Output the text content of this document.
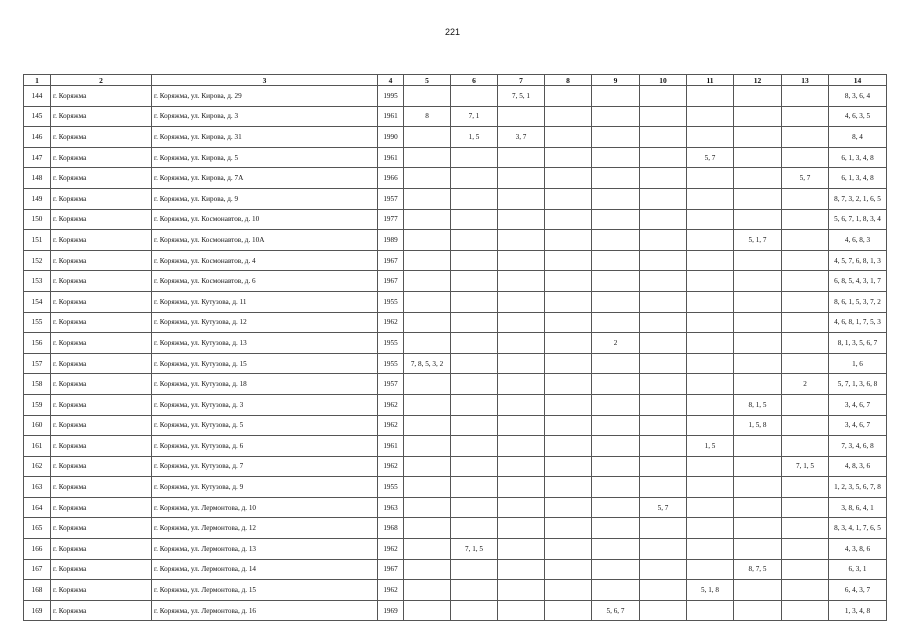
221
1	2	3	4	5	6	7	8	9	10	11	12	13	14
144	г. Коряжма	г. Коряжма, ул. Кирова, д. 29	1995			7, 5, 1							8, 3, 6, 4
145	г. Коряжма	г. Коряжма, ул. Кирова, д. 3	1961	8	7, 1								4, 6, 3, 5
146	г. Коряжма	г. Коряжма, ул. Кирова, д. 31	1990		1, 5	3, 7							8, 4
147	г. Коряжма	г. Коряжма, ул. Кирова, д. 5	1961							5, 7			6, 1, 3, 4, 8
148	г. Коряжма	г. Коряжма, ул. Кирова, д. 7А	1966									5, 7	6, 1, 3, 4, 8
149	г. Коряжма	г. Коряжма, ул. Кирова, д. 9	1957										8, 7, 3, 2, 1, 6, 5
150	г. Коряжма	г. Коряжма, ул. Космонавтов, д. 10	1977										5, 6, 7, 1, 8, 3, 4
151	г. Коряжма	г. Коряжма, ул. Космонавтов, д. 10А	1989								5, 1, 7		4, 6, 8, 3
152	г. Коряжма	г. Коряжма, ул. Космонавтов, д. 4	1967										4, 5, 7, 6, 8, 1, 3
153	г. Коряжма	г. Коряжма, ул. Космонавтов, д. 6	1967										6, 8, 5, 4, 3, 1, 7
154	г. Коряжма	г. Коряжма, ул. Кутузова, д. 11	1955										8, 6, 1, 5, 3, 7, 2
155	г. Коряжма	г. Коряжма, ул. Кутузова, д. 12	1962										4, 6, 8, 1, 7, 5, 3
156	г. Коряжма	г. Коряжма, ул. Кутузова, д. 13	1955					2					8, 1, 3, 5, 6, 7
157	г. Коряжма	г. Коряжма, ул. Кутузова, д. 15	1955	7, 8, 5, 3, 2									1, 6
158	г. Коряжма	г. Коряжма, ул. Кутузова, д. 18	1957									2	5, 7, 1, 3, 6, 8
159	г. Коряжма	г. Коряжма, ул. Кутузова, д. 3	1962								8, 1, 5		3, 4, 6, 7
160	г. Коряжма	г. Коряжма, ул. Кутузова, д. 5	1962								1, 5, 8		3, 4, 6, 7
161	г. Коряжма	г. Коряжма, ул. Кутузова, д. 6	1961							1, 5			7, 3, 4, 6, 8
162	г. Коряжма	г. Коряжма, ул. Кутузова, д. 7	1962									7, 1, 5	4, 8, 3, 6
163	г. Коряжма	г. Коряжма, ул. Кутузова, д. 9	1955										1, 2, 3, 5, 6, 7, 8
164	г. Коряжма	г. Коряжма, ул. Лермонтова, д. 10	1963						5, 7				3, 8, 6, 4, 1
165	г. Коряжма	г. Коряжма, ул. Лермонтова, д. 12	1968										8, 3, 4, 1, 7, 6, 5
166	г. Коряжма	г. Коряжма, ул. Лермонтова, д. 13	1962		7, 1, 5								4, 3, 8, 6
167	г. Коряжма	г. Коряжма, ул. Лермонтова, д. 14	1967								8, 7, 5		6, 3, 1
168	г. Коряжма	г. Коряжма, ул. Лермонтова, д. 15	1962							5, 1, 8			6, 4, 3, 7
169	г. Коряжма	г. Коряжма, ул. Лермонтова, д. 16	1969					5, 6, 7					1, 3, 4, 8
